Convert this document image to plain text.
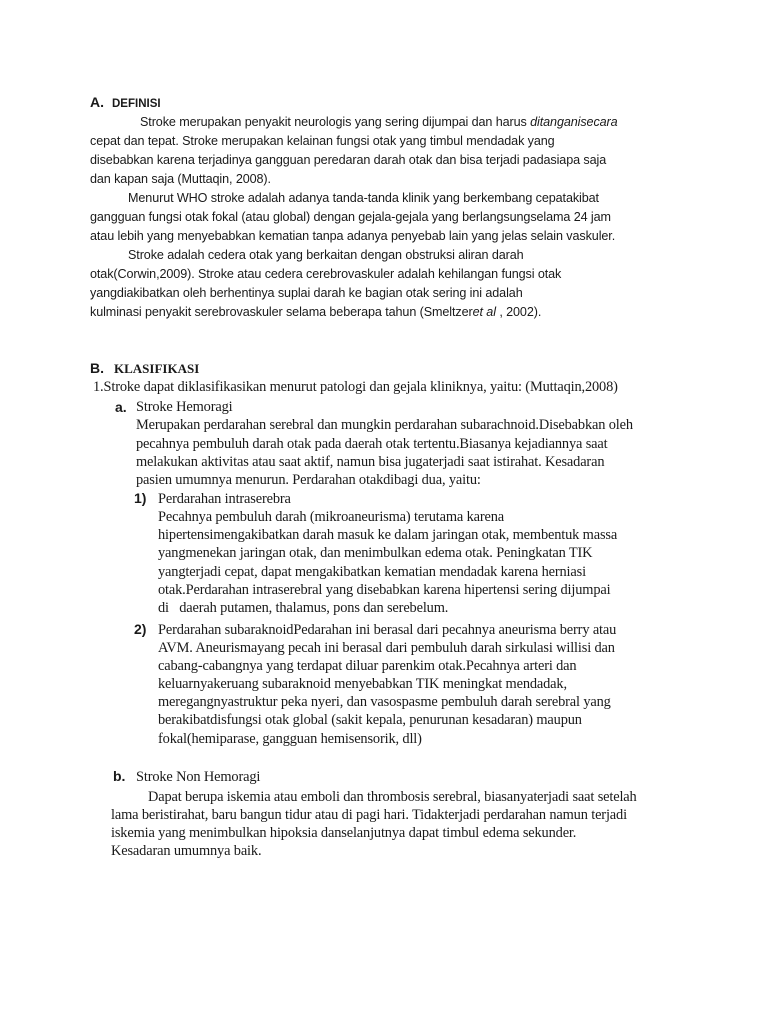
A. DEFINISI
Stroke merupakan penyakit neurologis yang sering dijumpai dan harus ditanganisecara
cepat dan tepat. Stroke merupakan kelainan fungsi otak yang timbul mendadak yang
disebabkan karena terjadinya gangguan peredaran darah otak dan bisa terjadi padasiapa saja
dan kapan saja (Muttaqin, 2008).
Menurut WHO stroke adalah adanya tanda-tanda klinik yang berkembang cepatakibat
gangguan fungsi otak fokal (atau global) dengan gejala-gejala yang berlangsungselama 24 jam
atau lebih yang menyebabkan kematian tanpa adanya penyebab lain yang jelas selain vaskuler.
Stroke adalah cedera otak yang berkaitan dengan obstruksi aliran darah
otak(Corwin,2009). Stroke atau cedera cerebrovaskuler adalah kehilangan fungsi otak
yangdiakibatkan oleh berhentinya suplai darah ke bagian otak sering ini adalah
kulminasi penyakit serebrovaskuler selama beberapa tahun (Smeltzeret al , 2002).
B. KLASIFIKASI
1.Stroke dapat diklasifikasikan menurut patologi dan gejala kliniknya, yaitu: (Muttaqin,2008)
a. Stroke Hemoragi
Merupakan perdarahan serebral dan mungkin perdarahan subarachnoid.Disebabkan oleh
pecahnya pembuluh darah otak pada daerah otak tertentu.Biasanya kejadiannya saat
melakukan aktivitas atau saat aktif, namun bisa jugaterjadi saat istirahat. Kesadaran
pasien umumnya menurun. Perdarahan otakdibagi dua, yaitu:
1) Perdarahan intraserebra
Pecahnya pembuluh darah (mikroaneurisma) terutama karena
hipertensimengakibatkan darah masuk ke dalam jaringan otak, membentuk massa
yangmenekan jaringan otak, dan menimbulkan edema otak. Peningkatan TIK
yangterjadi cepat, dapat mengakibatkan kematian mendadak karena herniasi
otak.Perdarahan intraserebral yang disebabkan karena hipertensi sering dijumpai
di   daerah putamen, thalamus, pons dan serebelum.
2) Perdarahan subaraknoidPedarahan ini berasal dari pecahnya aneurisma berry atau
AVM. Aneurismayang pecah ini berasal dari pembuluh darah sirkulasi willisi dan
cabang-cabangnya yang terdapat diluar parenkim otak.Pecahnya arteri dan
keluarnyakeruang subaraknoid menyebabkan TIK meningkat mendadak,
meregangnyastruktur peka nyeri, dan vasospasme pembuluh darah serebral yang
berakibatdisfungsi otak global (sakit kepala, penurunan kesadaran) maupun
fokal(hemiparase, gangguan hemisensorik, dll)
b. Stroke Non Hemoragi
Dapat berupa iskemia atau emboli dan thrombosis serebral, biasanyaterjadi saat setelah
lama beristirahat, baru bangun tidur atau di pagi hari. Tidakterjadi perdarahan namun terjadi
iskemia yang menimbulkan hipoksia danselanjutnya dapat timbul edema sekunder.
Kesadaran umumnya baik.
